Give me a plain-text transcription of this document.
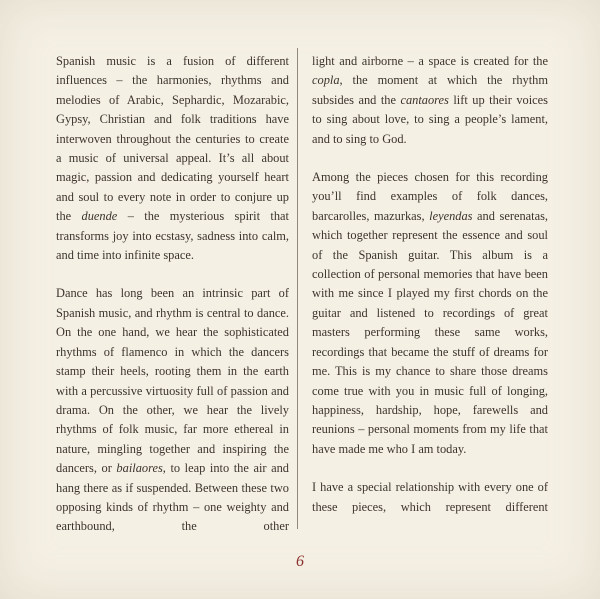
Spanish music is a fusion of different influences – the harmonies, rhythms and melodies of Arabic, Sephardic, Mozarabic, Gypsy, Christian and folk traditions have interwoven throughout the centuries to create a music of universal appeal. It’s all about magic, passion and dedicating yourself heart and soul to every note in order to conjure up the duende – the mysterious spirit that transforms joy into ecstasy, sadness into calm, and time into infinite space.

Dance has long been an intrinsic part of Spanish music, and rhythm is central to dance. On the one hand, we hear the sophisticated rhythms of flamenco in which the dancers stamp their heels, rooting them in the earth with a percussive virtuosity full of passion and drama. On the other, we hear the lively rhythms of folk music, far more ethereal in nature, mingling together and inspiring the dancers, or bailaores, to leap into the air and hang there as if suspended. Between these two opposing kinds of rhythm – one weighty and earthbound, the other

light and airborne – a space is created for the copla, the moment at which the rhythm subsides and the cantaores lift up their voices to sing about love, to sing a people’s lament, and to sing to God.

Among the pieces chosen for this recording you’ll find examples of folk dances, barcarolles, mazurkas, leyendas and serenatas, which together represent the essence and soul of the Spanish guitar. This album is a collection of personal memories that have been with me since I played my first chords on the guitar and listened to recordings of great masters performing these same works, recordings that became the stuff of dreams for me. This is my chance to share those dreams come true with you in music full of longing, happiness, hardship, hope, farewells and reunions – personal moments from my life that have made me who I am today.

I have a special relationship with every one of these pieces, which represent different

6
